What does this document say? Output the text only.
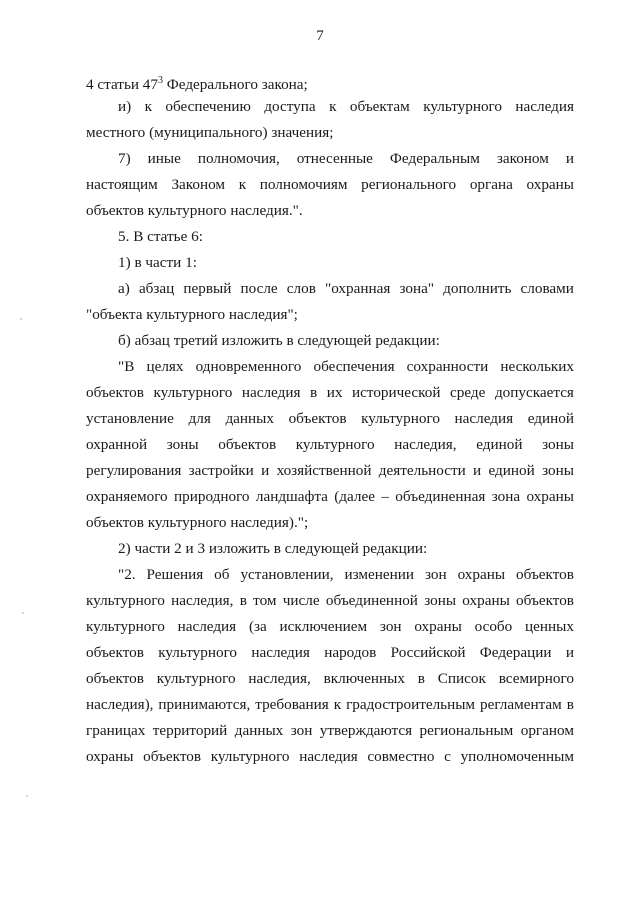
7
4 статьи $47^3$ Федерального закона;
и) к обеспечению доступа к объектам культурного наследия
местного (муниципального) значения;
7) иные полномочия, отнесенные Федеральным законом и
настоящим Законом к полномочиям регионального органа охраны
объектов культурного наследия.".
5. В статье 6:
1) в части 1:
а) абзац первый после слов "охранная зона" дополнить словами
"объекта культурного наследия";
б) абзац третий изложить в следующей редакции:
"В целях одновременного обеспечения сохранности нескольких
объектов культурного наследия в их исторической среде допускается
установление для данных объектов культурного наследия единой
охранной зоны объектов культурного наследия, единой зоны
регулирования застройки и хозяйственной деятельности и единой зоны
охраняемого природного ландшафта (далее – объединенная зона охраны
объектов культурного наследия).";
2) части 2 и 3 изложить в следующей редакции:
"2. Решения об установлении, изменении зон охраны объектов
культурного наследия, в том числе объединенной зоны охраны объектов
культурного наследия (за исключением зон охраны особо ценных
объектов культурного наследия народов Российской Федерации и
объектов культурного наследия, включенных в Список всемирного
наследия), принимаются, требования к градостроительным регламентам в
границах территорий данных зон утверждаются региональным органом
охраны объектов культурного наследия совместно с уполномоченным
